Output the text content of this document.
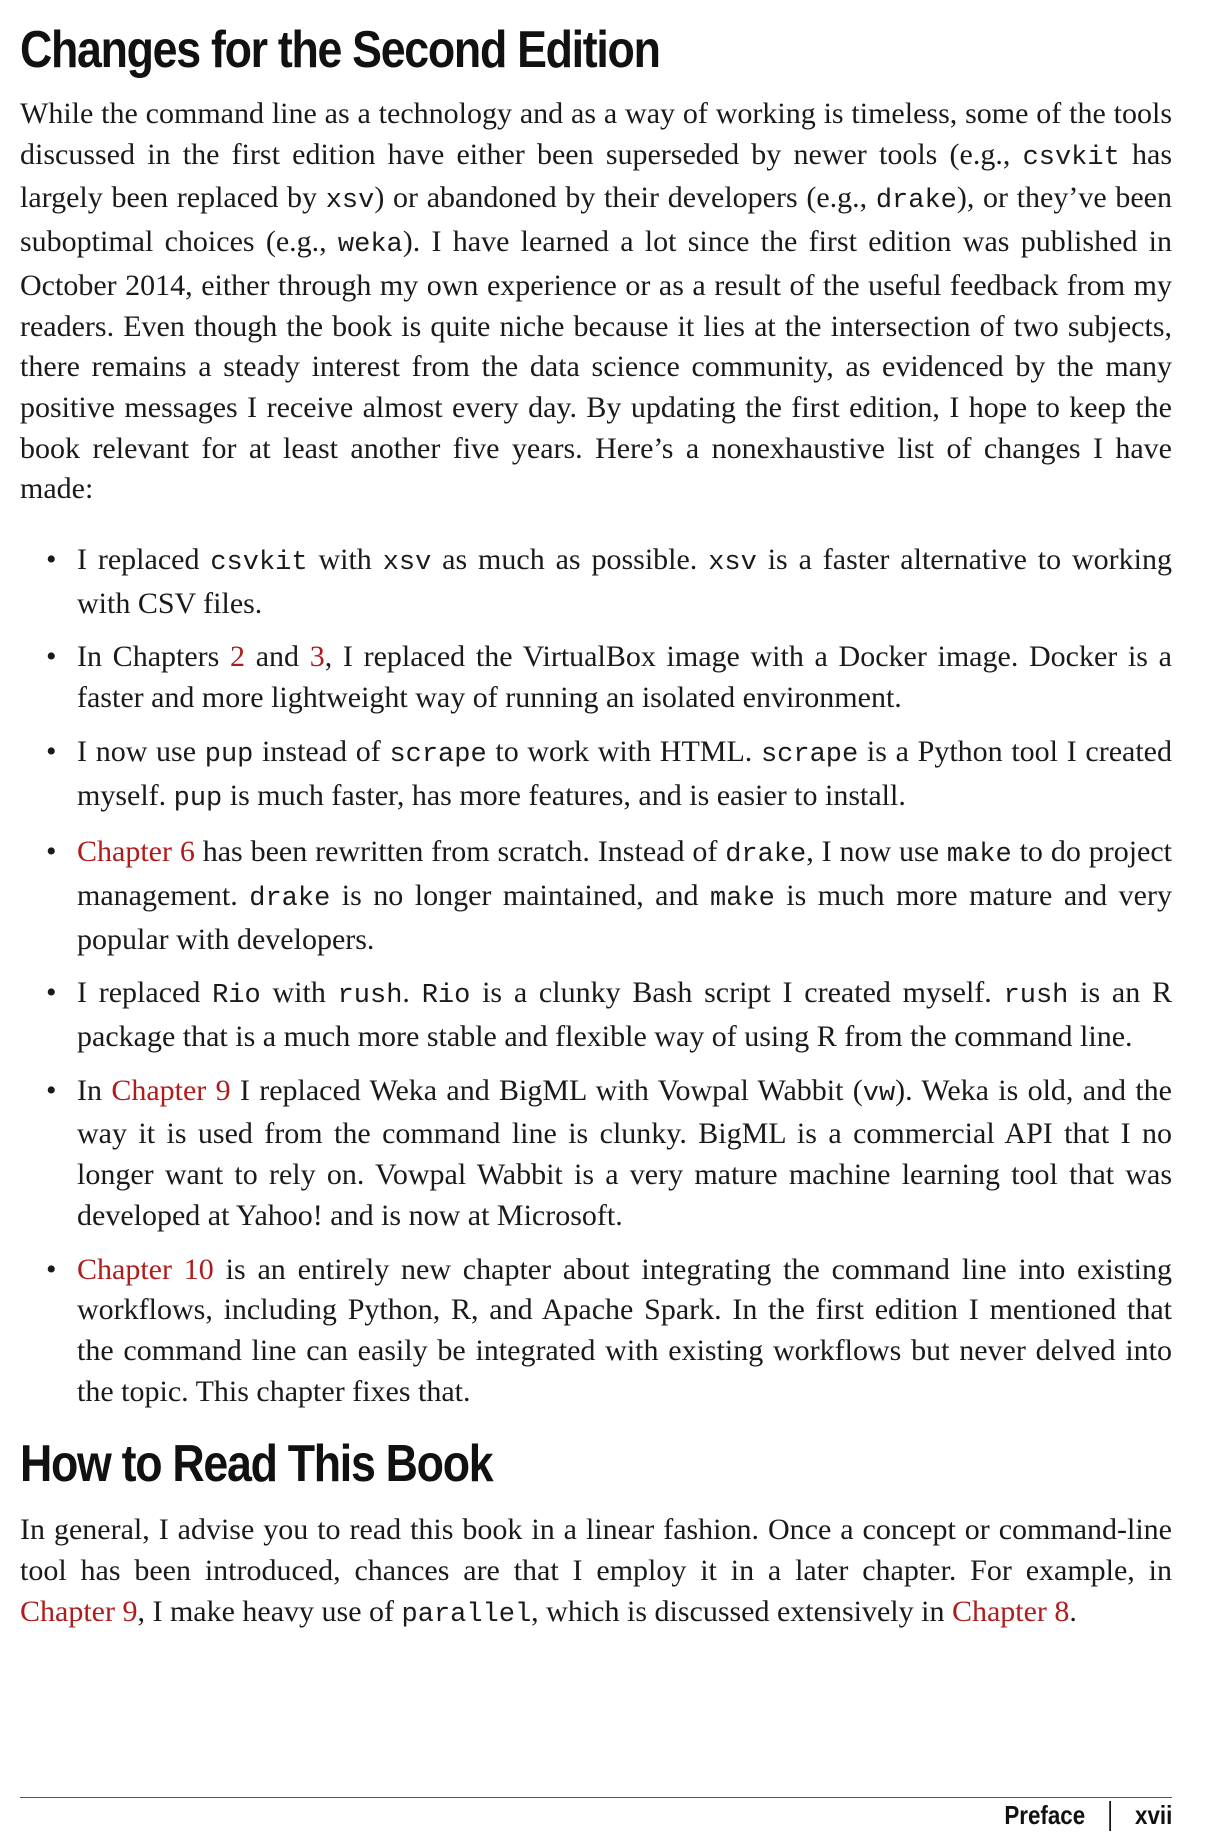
Changes for the Second Edition

While the command line as a technology and as a way of working is timeless, some of the tools discussed in the first edition have either been superseded by newer tools (e.g., csvkit has largely been replaced by xsv) or abandoned by their developers (e.g., drake), or they’ve been suboptimal choices (e.g., weka). I have learned a lot since the first edition was published in October 2014, either through my own experience or as a result of the useful feedback from my readers. Even though the book is quite niche because it lies at the intersection of two subjects, there remains a steady interest from the data science community, as evidenced by the many positive messages I receive almost every day. By updating the first edition, I hope to keep the book relevant for at least another five years. Here’s a nonexhaustive list of changes I have made:

• I replaced csvkit with xsv as much as possible. xsv is a faster alternative to working with CSV files.
• In Chapters 2 and 3, I replaced the VirtualBox image with a Docker image. Docker is a faster and more lightweight way of running an isolated environment.
• I now use pup instead of scrape to work with HTML. scrape is a Python tool I created myself. pup is much faster, has more features, and is easier to install.
• Chapter 6 has been rewritten from scratch. Instead of drake, I now use make to do project management. drake is no longer maintained, and make is much more mature and very popular with developers.
• I replaced Rio with rush. Rio is a clunky Bash script I created myself. rush is an R package that is a much more stable and flexible way of using R from the command line.
• In Chapter 9 I replaced Weka and BigML with Vowpal Wabbit (vw). Weka is old, and the way it is used from the command line is clunky. BigML is a commercial API that I no longer want to rely on. Vowpal Wabbit is a very mature machine learning tool that was developed at Yahoo! and is now at Microsoft.
• Chapter 10 is an entirely new chapter about integrating the command line into existing workflows, including Python, R, and Apache Spark. In the first edition I mentioned that the command line can easily be integrated with existing workflows but never delved into the topic. This chapter fixes that.
How to Read This Book

In general, I advise you to read this book in a linear fashion. Once a concept or command-line tool has been introduced, chances are that I employ it in a later chapter. For example, in Chapter 9, I make heavy use of parallel, which is discussed extensively in Chapter 8.

Preface xvii
